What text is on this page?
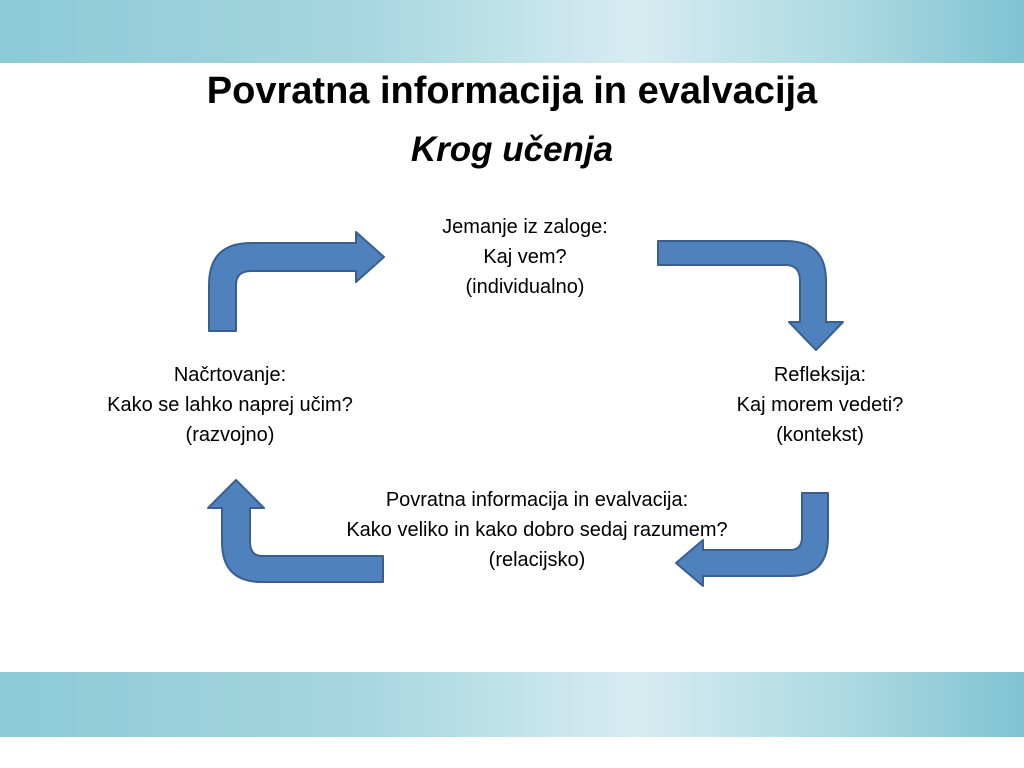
Povratna informacija in evalvacija
Krog učenja
Jemanje iz zaloge:
Kaj vem?
(individualno)
Refleksija:
Kaj morem vedeti?
(kontekst)
Povratna informacija in evalvacija:
Kako veliko in kako dobro sedaj razumem?
(relacijsko)
Načrtovanje:
Kako se lahko naprej učim?
(razvojno)
